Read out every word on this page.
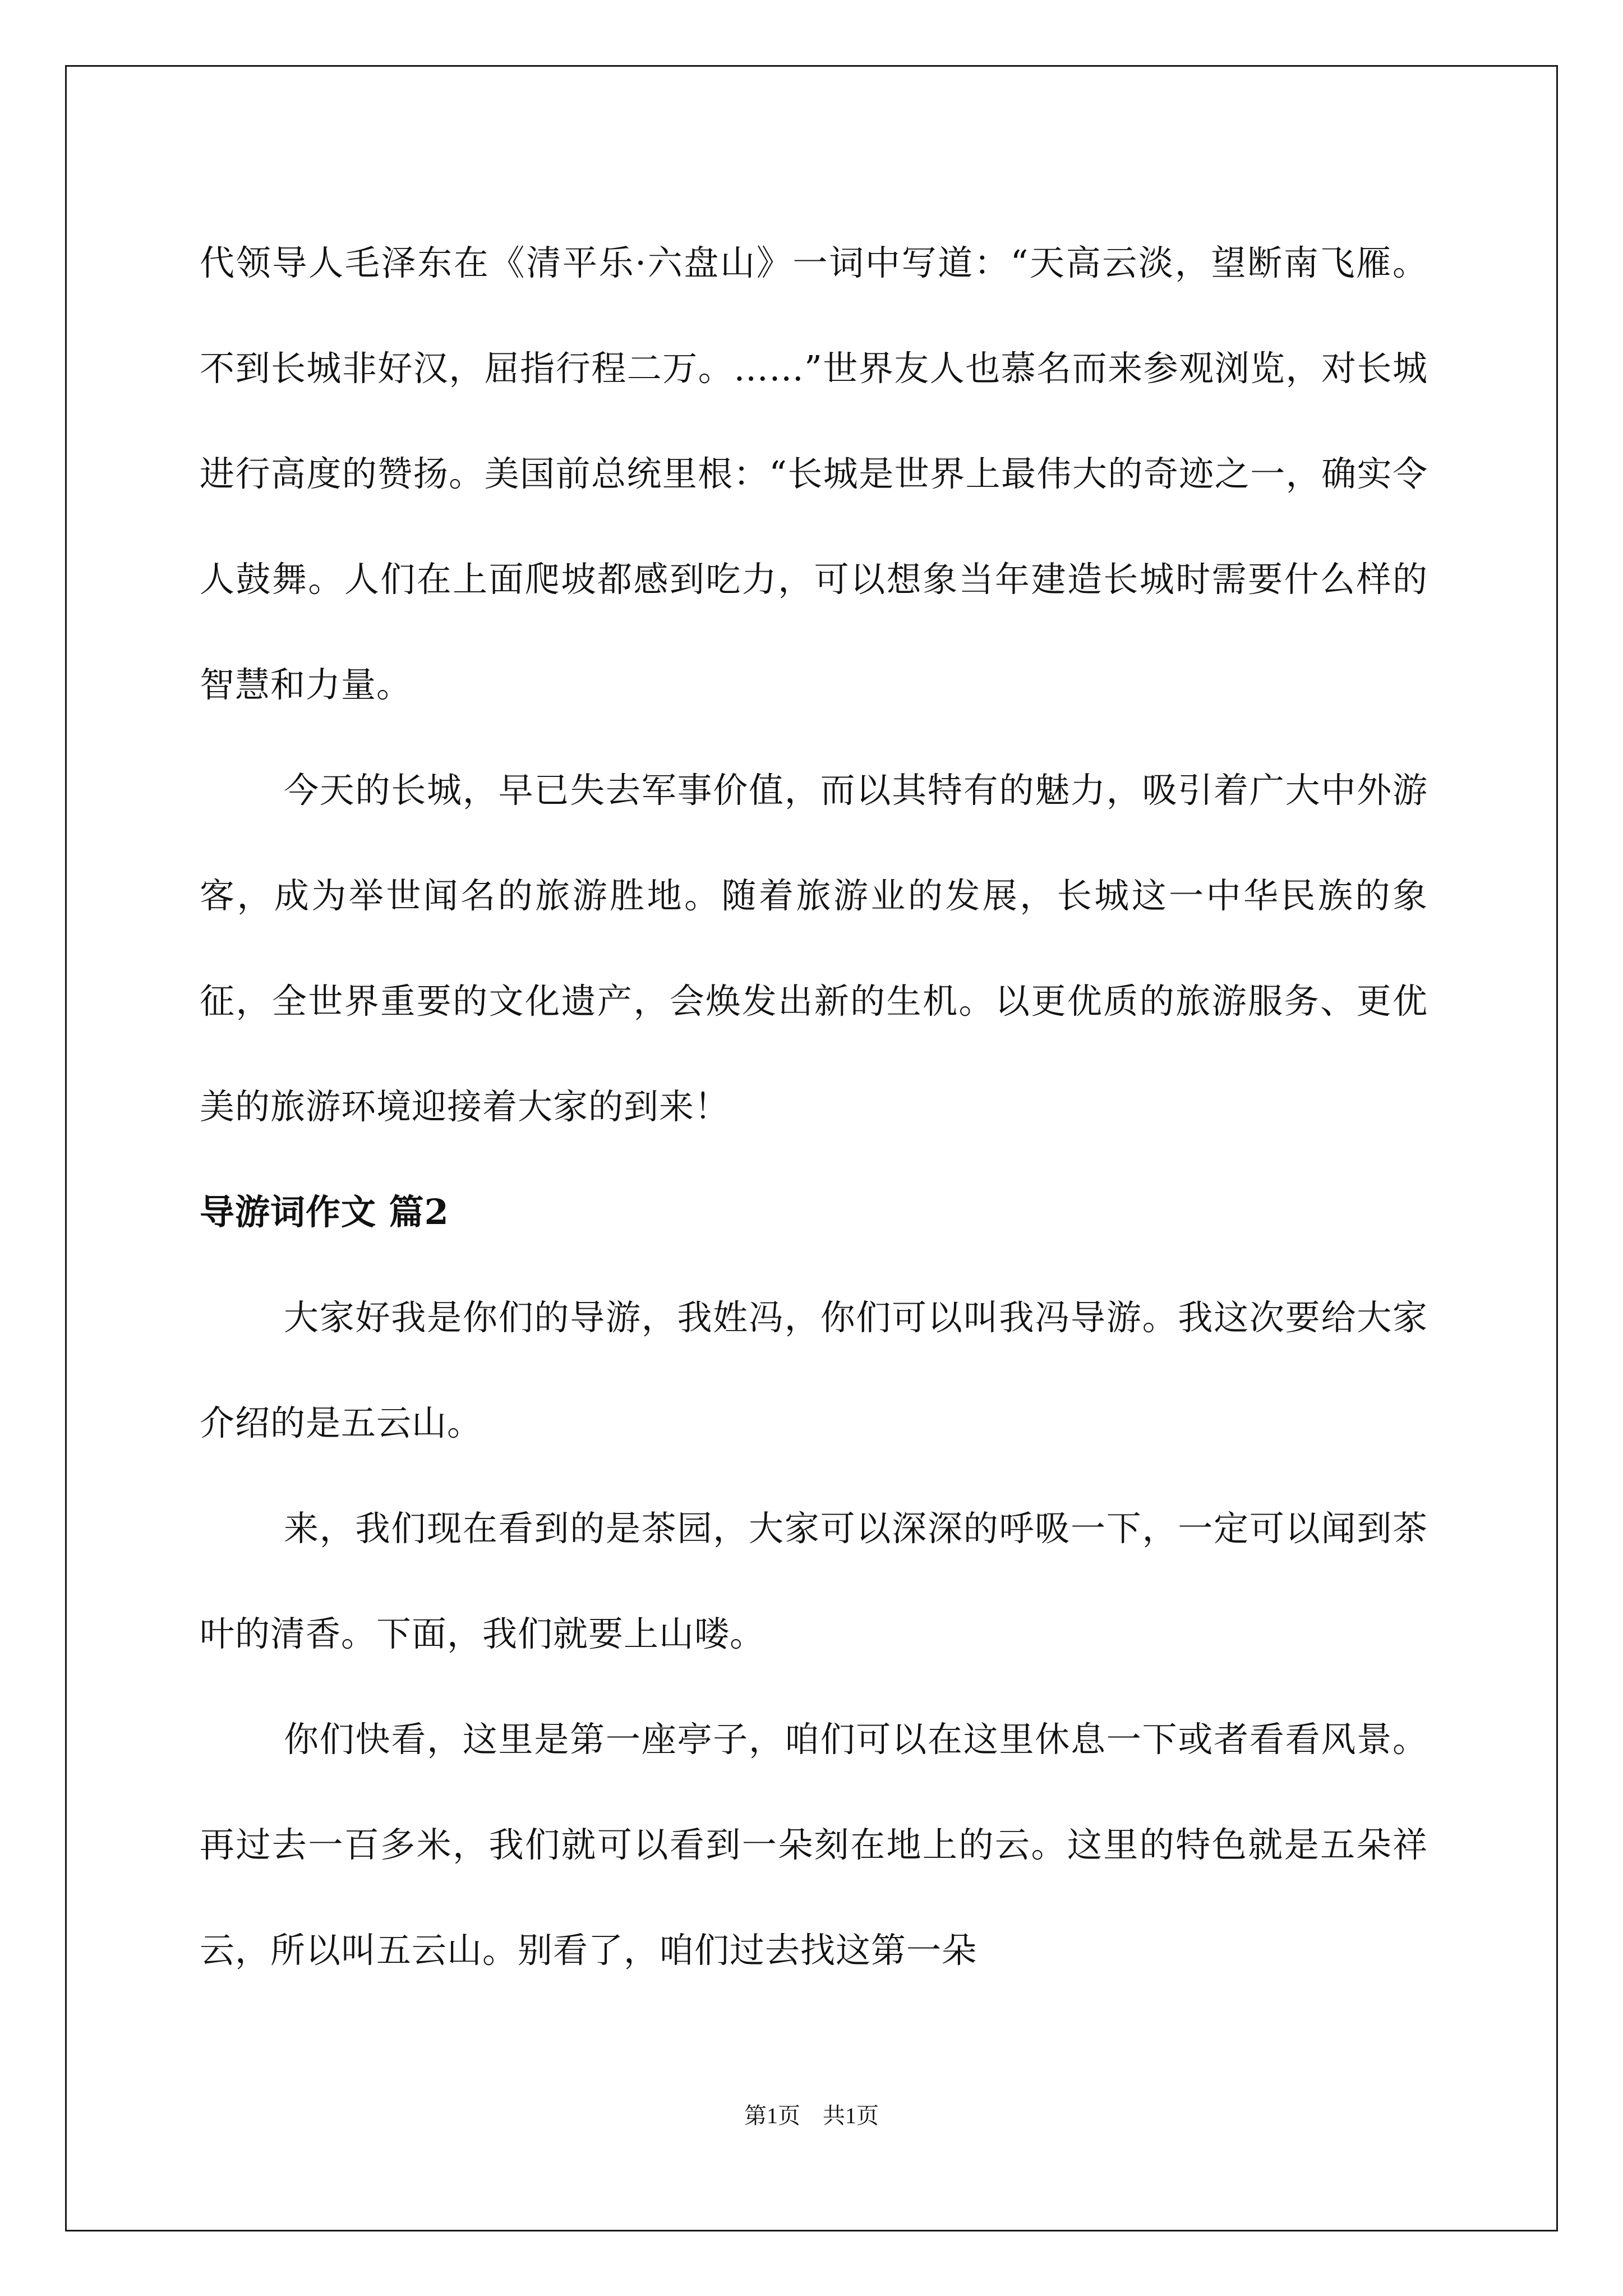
代领导人毛泽东在《清平乐·六盘山》一词中写道：“天高云淡，望断南飞雁。不到长城非好汉，屈指行程二万。……”世界友人也慕名而来参观浏览，对长城进行高度的赞扬。美国前总统里根：“长城是世界上最伟大的奇迹之一，确实令人鼓舞。人们在上面爬坡都感到吃力，可以想象当年建造长城时需要什么样的智慧和力量。

今天的长城，早已失去军事价值，而以其特有的魅力，吸引着广大中外游客，成为举世闻名的旅游胜地。随着旅游业的发展，长城这一中华民族的象征，全世界重要的文化遗产，会焕发出新的生机。以更优质的旅游服务、更优美的旅游环境迎接着大家的到来！

导游词作文 篇2

大家好我是你们的导游，我姓冯，你们可以叫我冯导游。我这次要给大家介绍的是五云山。

来，我们现在看到的是茶园，大家可以深深的呼吸一下，一定可以闻到茶叶的清香。下面，我们就要上山喽。

你们快看，这里是第一座亭子，咱们可以在这里休息一下或者看看风景。再过去一百多米，我们就可以看到一朵刻在地上的云。这里的特色就是五朵祥云，所以叫五云山。别看了，咱们过去找这第一朵

第1页　共1页
